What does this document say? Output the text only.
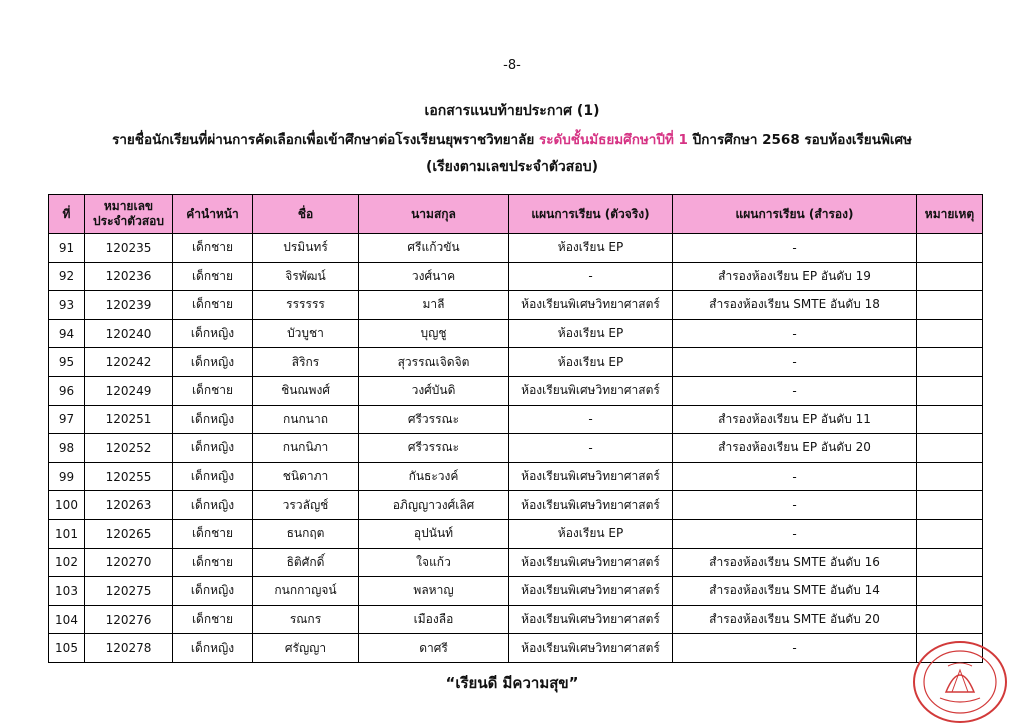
-8-
เอกสารแนบท้ายประกาศ (1)
รายชื่อนักเรียนที่ผ่านการคัดเลือกเพื่อเข้าศึกษาต่อโรงเรียนยุพราชวิทยาลัย ระดับชั้นมัธยมศึกษาปีที่ 1 ปีการศึกษา 2568 รอบห้องเรียนพิเศษ
(เรียงตามเลขประจำตัวสอบ)
ที่	หมายเลขประจำตัวสอบ	คำนำหน้า	ชื่อ	นามสกุล	แผนการเรียน (ตัวจริง)	แผนการเรียน (สำรอง)	หมายเหตุ
91	120235	เด็กชาย	ปรมินทร์	ศรีแก้วขัน	ห้องเรียน EP	-	
92	120236	เด็กชาย	จิรพัฒน์	วงศ์นาค	-	สำรองห้องเรียน EP อันดับ 19	
93	120239	เด็กชาย	รรรรรร	มาลี	ห้องเรียนพิเศษวิทยาศาสตร์	สำรองห้องเรียน SMTE อันดับ 18	
94	120240	เด็กหญิง	บัวบูชา	บุญชู	ห้องเรียน EP	-	
95	120242	เด็กหญิง	สิริกร	สุวรรณเจิดจิต	ห้องเรียน EP	-	
96	120249	เด็กชาย	ชินณพงศ์	วงศ์บันดิ	ห้องเรียนพิเศษวิทยาศาสตร์	-	
97	120251	เด็กหญิง	กนกนาถ	ศรีวรรณะ	-	สำรองห้องเรียน EP อันดับ 11	
98	120252	เด็กหญิง	กนกนิภา	ศรีวรรณะ	-	สำรองห้องเรียน EP อันดับ 20	
99	120255	เด็กหญิง	ชนิดาภา	กันธะวงค์	ห้องเรียนพิเศษวิทยาศาสตร์	-	
100	120263	เด็กหญิง	วรวลัญช์	อภิญญาวงศ์เลิศ	ห้องเรียนพิเศษวิทยาศาสตร์	-	
101	120265	เด็กชาย	ธนกฤต	อุปนันท์	ห้องเรียน EP	-	
102	120270	เด็กชาย	ธิติศักดิ์	ใจแก้ว	ห้องเรียนพิเศษวิทยาศาสตร์	สำรองห้องเรียน SMTE อันดับ 16	
103	120275	เด็กหญิง	กนกกาญจน์	พลหาญ	ห้องเรียนพิเศษวิทยาศาสตร์	สำรองห้องเรียน SMTE อันดับ 14	
104	120276	เด็กชาย	รณกร	เมืองลือ	ห้องเรียนพิเศษวิทยาศาสตร์	สำรองห้องเรียน SMTE อันดับ 20	
105	120278	เด็กหญิง	ศรัญญา	ดาศรี	ห้องเรียนพิเศษวิทยาศาสตร์	-	
“เรียนดี มีความสุข”
